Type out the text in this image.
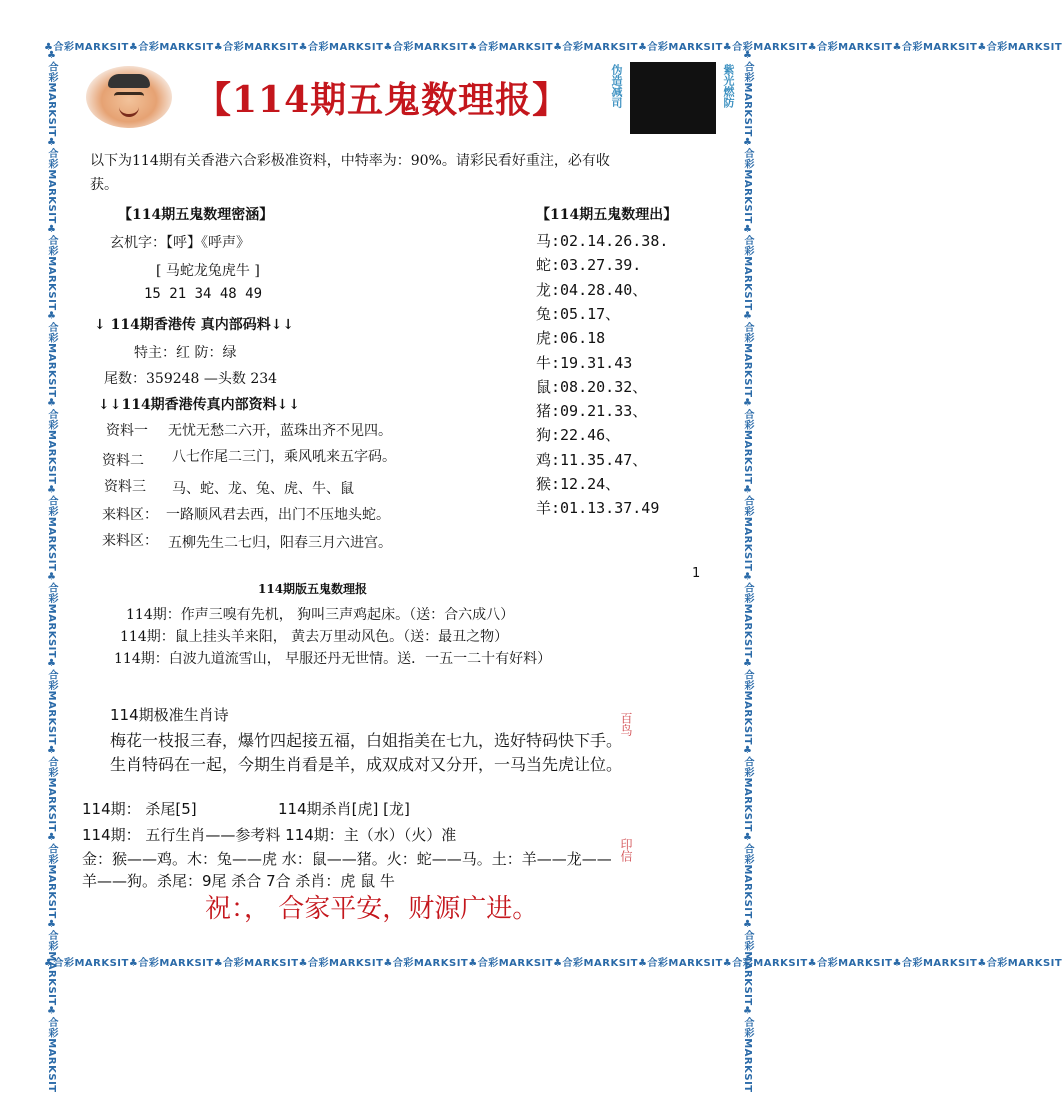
♣合彩MARKSIT♣合彩MARKSIT♣合彩MARKSIT♣合彩MARKSIT♣合彩MARKSIT♣合彩MARKSIT♣合彩MARKSIT♣合彩MARKSIT♣合彩MARKSIT♣合彩MARKSIT♣合彩MARKSIT♣合彩MARKSIT
♣合彩MARKSIT♣合彩MARKSIT♣合彩MARKSIT♣合彩MARKSIT♣合彩MARKSIT♣合彩MARKSIT♣合彩MARKSIT♣合彩MARKSIT♣合彩MARKSIT♣合彩MARKSIT♣合彩MARKSIT♣合彩MARKSIT
♣合彩MARKSIT♣合彩MARKSIT♣合彩MARKSIT♣合彩MARKSIT♣合彩MARKSIT♣合彩MARKSIT♣合彩MARKSIT♣合彩MARKSIT♣合彩MARKSIT♣合彩MARKSIT♣合彩MARKSIT♣合彩MARKSIT	♣合彩MARKSIT♣合彩MARKSIT♣合彩MARKSIT♣合彩MARKSIT♣合彩MARKSIT♣合彩MARKSIT♣合彩MARKSIT♣合彩MARKSIT♣合彩MARKSIT♣合彩MARKSIT♣合彩MARKSIT♣合彩MARKSIT
【114期五鬼数理报】	伪造减司	紫光燃防
以下为114期有关香港六合彩极准资料，中特率为：90%。请彩民看好重注，必有收
获。
【114期五鬼数理密涵】
玄机字：【呼】《呼声》
[ 马蛇龙兔虎牛 ]
15 21 34 48 49
↓ 114期香港传 真内部码料↓↓
特主：红 防：绿
尾数：359248 —头数 234
↓↓114期香港传真内部资料↓↓
资料一 无忧无愁二六开，蓝珠出齐不见四。
资料二 八七作尾二三门，乘风吼来五字码。
资料三 马、蛇、龙、兔、虎、牛、鼠
来料区： 一路顺风君去西，出门不压地头蛇。
来料区： 五柳先生二七归，阳春三月六进宫。
【114期五鬼数理出】
马:02.14.26.38.
蛇:03.27.39.
龙:04.28.40、
兔:05.17、
虎:06.18
牛:19.31.43
鼠:08.20.32、
猪:09.21.33、
狗:22.46、
鸡:11.35.47、
猴:12.24、
羊:01.13.37.49
1
114期版五鬼数理报
114期：作声三嗅有先机， 狗叫三声鸡起床。（送：合六成八）
114期：鼠上挂头羊来阳， 黄去万里动风色。（送：最丑之物）
114期：白波九道流雪山， 早服还丹无世情。送．一五一二十有好料）
114期极准生肖诗
梅花一枝报三春，爆竹四起接五福，白姐指美在七九，选好特码快下手。
生肖特码在一起，今期生肖看是羊，成双成对又分开，一马当先虎让位。
114期： 杀尾[5]	114期杀肖[虎] [龙]
114期： 五行生肖——参考料 114期：主（水）（火）准
金：猴——鸡。木：兔——虎 水：鼠——猪。火：蛇——马。土：羊——龙——
羊——狗。杀尾：9尾 杀合 7合 杀肖：虎 鼠 牛
祝：， 合家平安，财源广进。
百鸟
印信
